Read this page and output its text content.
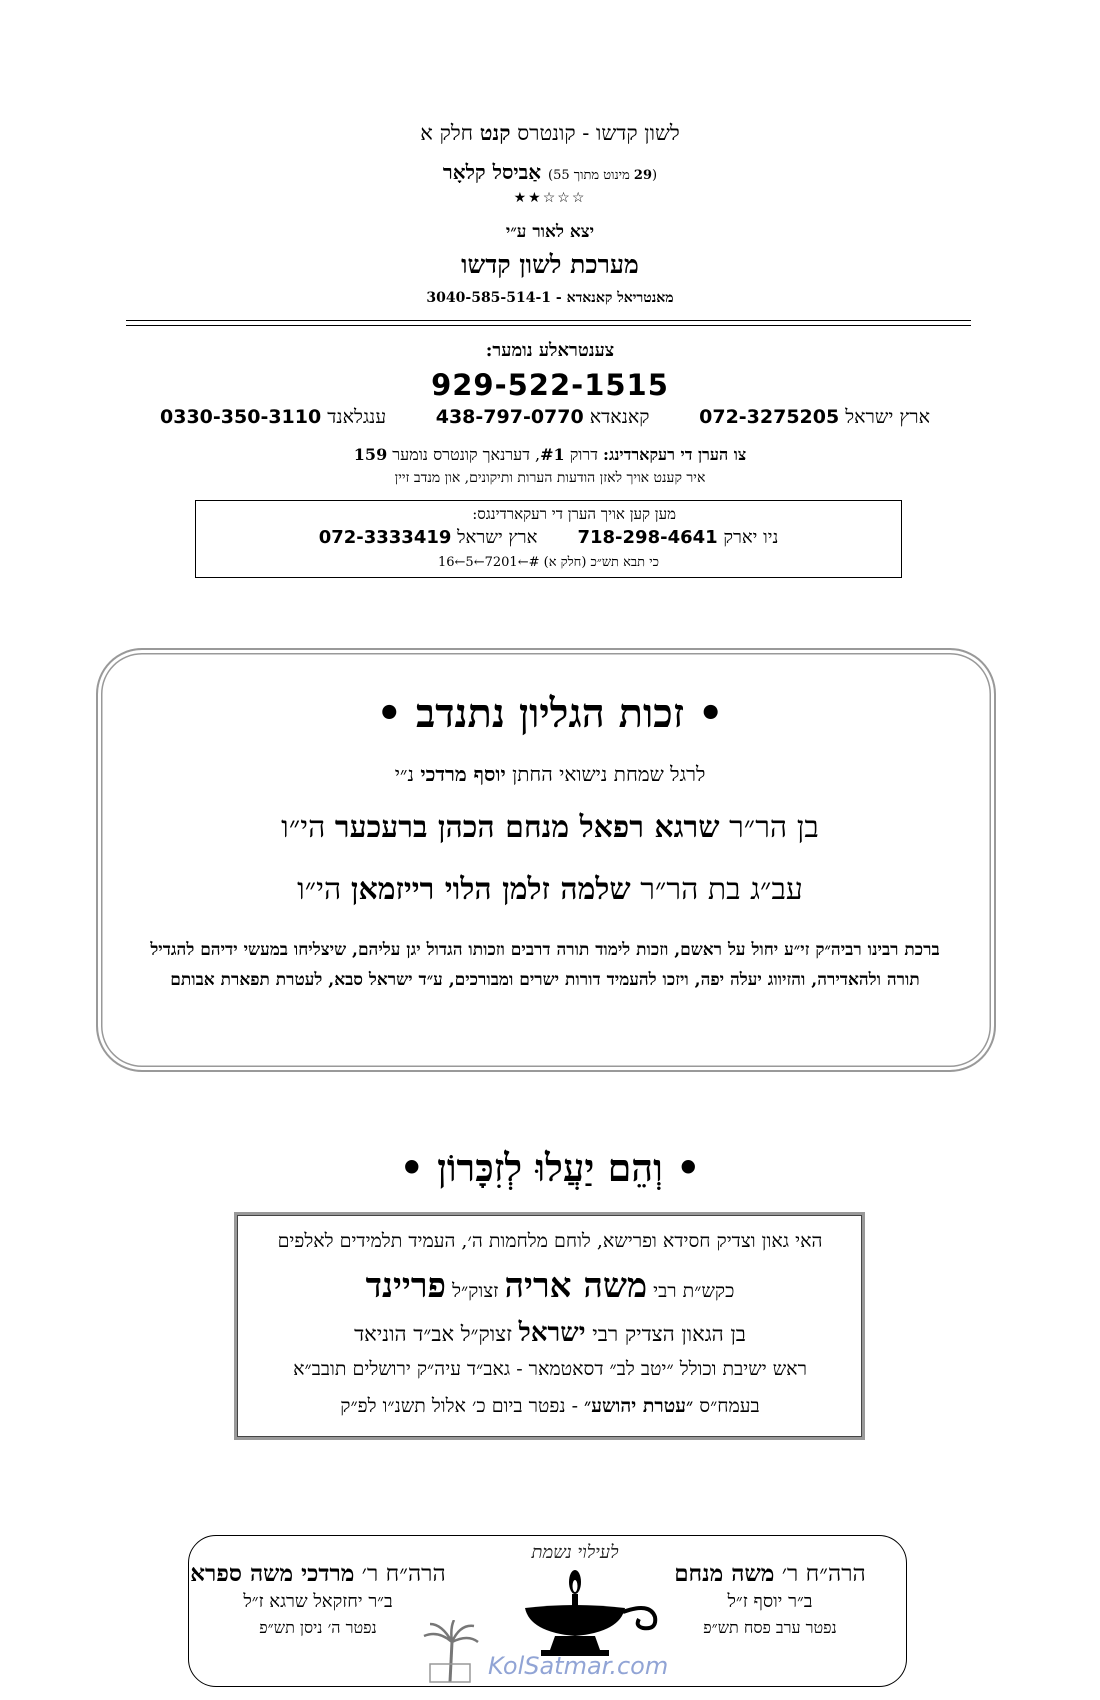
לשון קדשו - קונטרס קנט חלק א
(29 מינוט מתוך 55) אַביסל קלאָר
★★☆☆☆
יצא לאור ע״י
מערכת לשון קדשו
מאנטריאל קאנאדא - 3040-585-514-1
צענטראלע נומער:
929-522-1515
ארץ ישראל 072-3275205
קאנאדא 438-797-0770
ענגלאנד 0330-350-3110
צו הערן די רעקארדינג: דרוק #1, דערנאך קונטרס נומער 159
איר קענט אויך לאזן הודעות הערות ותיקונים, און מנדב זיין
מען קען אויך הערן די רעקארדינגס:
ניו יארק 718-298-4641       ארץ ישראל 072-3333419
כי תבא תש״כ (חלק א) #←7201←5←16
• זכות הגליון נתנדב •
לרגל שמחת נישואי החתן יוסף מרדכי נ״י
בן הר״ר שרגא רפאל מנחם הכהן ברעכער הי״ו
עב״ג בת הר״ר שלמה זלמן הלוי רייזמאן הי״ו
ברכת רבינו רביה״ק זי״ע יחול על ראשם, וזכות לימוד תורה דרבים וזכותו הגדול יגן עליהם, שיצליחו במעשי ידיהם להגדיל תורה ולהאדירה, והזיווג יעלה יפה, ויזכו להעמיד דורות ישרים ומבורכים, ע״ד ישראל סבא, לעטרת תפארת אבותם
• וְהֵם יַעֲלוּ לְזִכָּרוֹן •
האי גאון וצדיק חסידא ופרישא, לוחם מלחמות ה׳, העמיד תלמידים לאלפים
כקש״ת רבי משה אריה זצוק״ל פריינד
בן הגאון הצדיק רבי ישראל זצוק״ל אב״ד הוניאד
ראש ישיבת וכולל ״יטב לב״ דסאטמאר - גאב״ד עיה״ק ירושלים תובב״א
בעמח״ס ״עטרת יהושע״ - נפטר ביום כ׳ אלול תשנ״ו לפ״ק
הרה״ח ר׳ משה מנחם
ב״ר יוסף ז״ל
נפטר ערב פסח תש״פ
הרה״ח ר׳ מרדכי משה ספרא
ב״ר יחזקאל שרגא ז״ל
נפטר ה׳ ניסן תש״פ
לעילוי נשמת
KolSatmar.com
